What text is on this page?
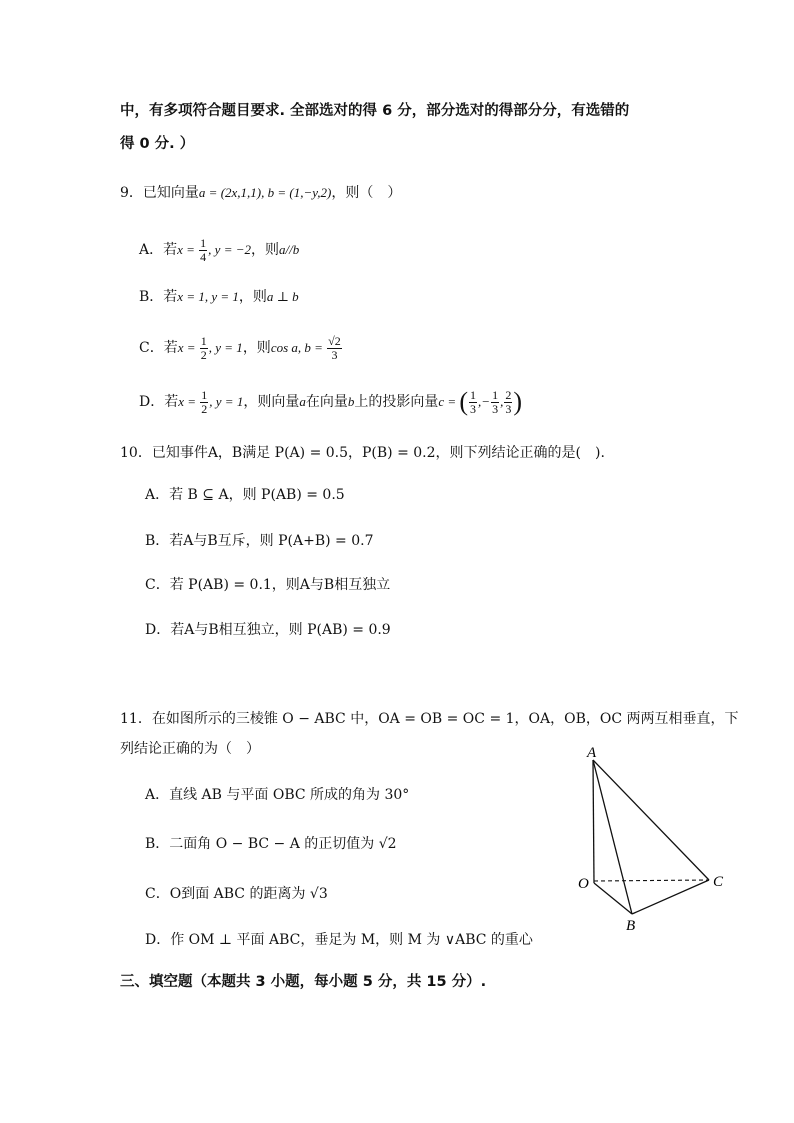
中，有多项符合题目要求. 全部选对的得 6 分，部分选对的得部分分，有选错的
得 0 分. ）
9．已知向量a = (2x,1,1), b = (1,−y,2)，则（　）
A．若$x = \frac{1}{4}$ , y = −2，则a//b
B．若x = 1, y = 1，则a ⊥ b
C．若$x = \frac{1}{2}$ , y = 1，则cos a, $b = \frac{√2}{3}$
D．若$x = \frac{1}{2}$ , y = 1，则向量a在向量b上的投影向量c = ( $\frac{1}{3}$ ,− $\frac{1}{3}$ , $\frac{2}{3}$ )
10．已知事件A，B满足 P(A) = 0.5，P(B) = 0.2，则下列结论正确的是(　).
A．若 B ⊆ A，则 P(AB) = 0.5
B．若A与B互斥，则 P(A+B) = 0.7
C．若 P(AB) = 0.1，则A与B相互独立
D．若A与B相互独立，则 P(AB) = 0.9
11．在如图所示的三棱锥 O − ABC 中，OA = OB = OC = 1，OA，OB，OC 两两互相垂直，下
列结论正确的为（　）
A．直线 AB 与平面 OBC 所成的角为 30°
B．二面角 O − BC − A 的正切值为 √2
C．O到面 ABC 的距离为 √3
D．作 OM ⊥ 平面 ABC，垂足为 M，则 M 为 ∨ABC 的重心
A
O
B
C
三、填空题（本题共 3 小题，每小题 5 分，共 15 分）.
